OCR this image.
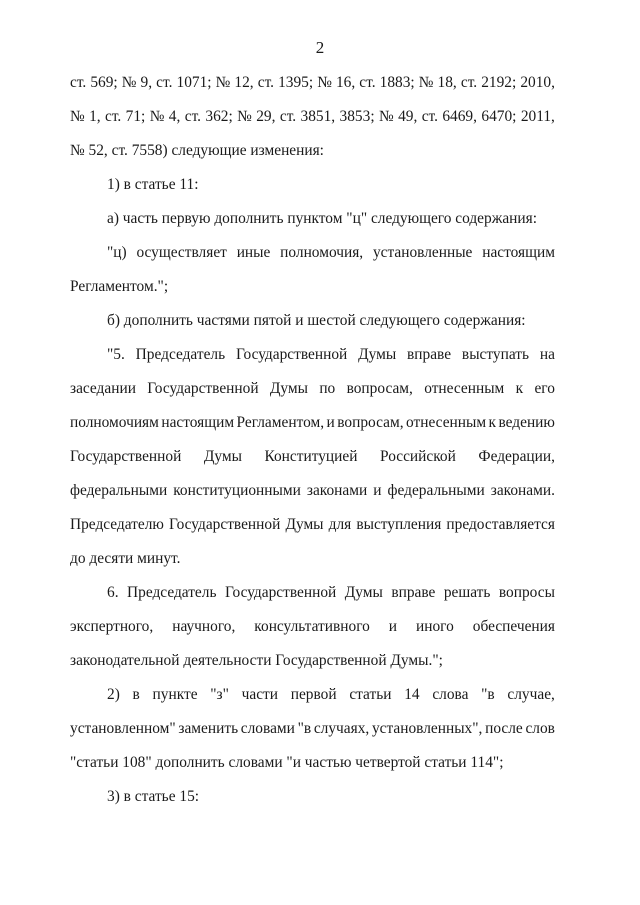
2
ст. 569; № 9, ст. 1071; № 12, ст. 1395; № 16, ст. 1883; № 18, ст. 2192; 2010,
№ 1, ст. 71; № 4, ст. 362; № 29, ст. 3851, 3853; № 49, ст. 6469, 6470; 2011,
№ 52, ст. 7558) следующие изменения:
1) в статье 11:
а) часть первую дополнить пунктом "ц" следующего содержания:
"ц) осуществляет иные полномочия, установленные настоящим
Регламентом.";
б) дополнить частями пятой и шестой следующего содержания:
"5. Председатель Государственной Думы вправе выступать на
заседании Государственной Думы по вопросам, отнесенным к его
полномочиям настоящим Регламентом, и вопросам, отнесенным к ведению
Государственной Думы Конституцией Российской Федерации,
федеральными конституционными законами и федеральными законами.
Председателю Государственной Думы для выступления предоставляется
до десяти минут.
6. Председатель Государственной Думы вправе решать вопросы
экспертного, научного, консультативного и иного обеспечения
законодательной деятельности Государственной Думы.";
2) в пункте "з" части первой статьи 14 слова "в случае,
установленном" заменить словами "в случаях, установленных", после слов
"статьи 108" дополнить словами "и частью четвертой статьи 114";
3) в статье 15:
